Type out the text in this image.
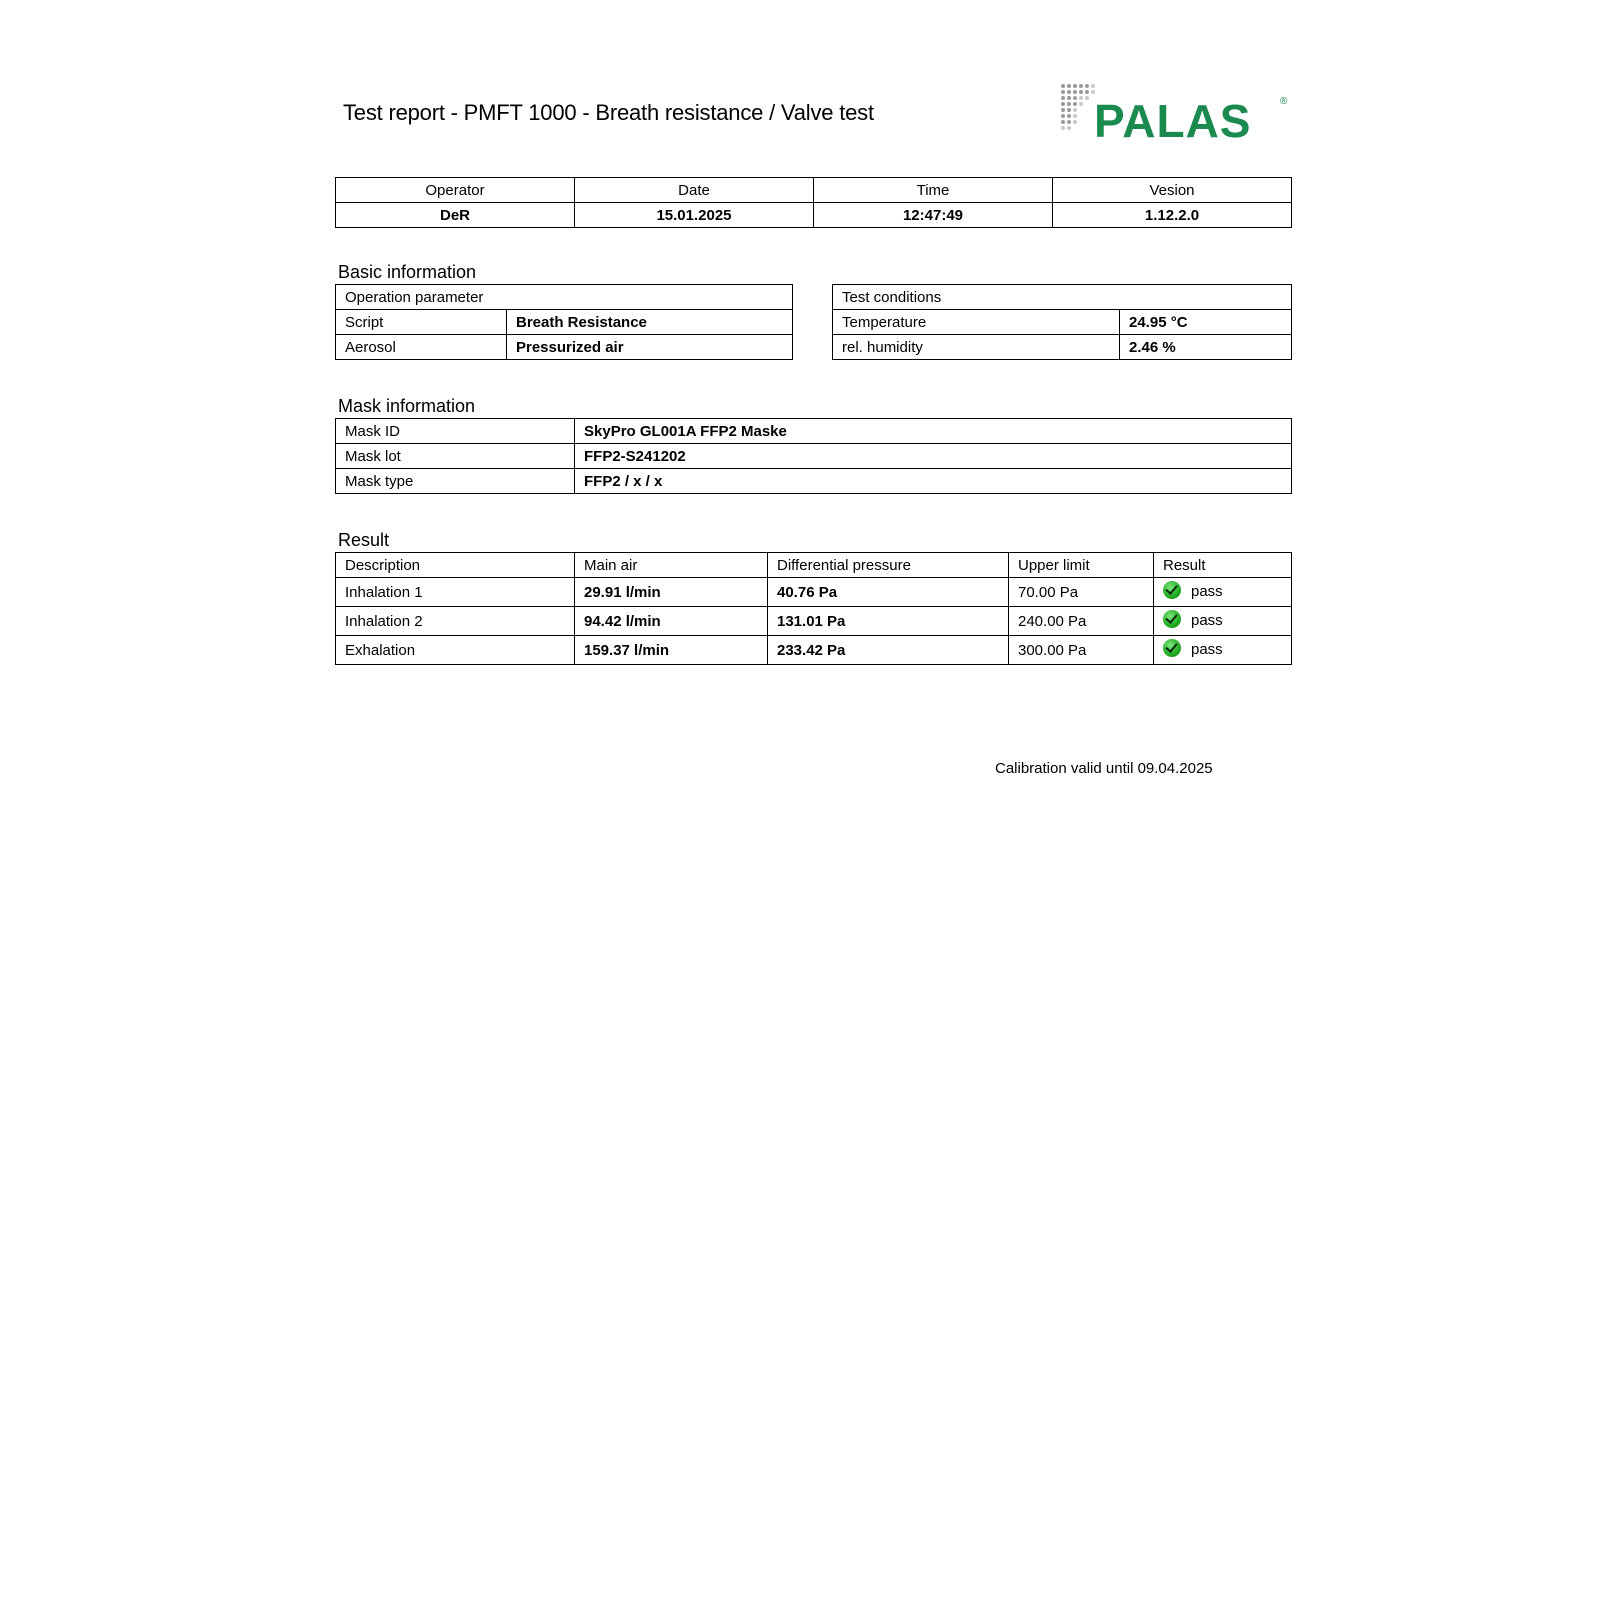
Test report - PMFT 1000 - Breath resistance / Valve test	PALAS	®
Operator	Date	Time	Vesion
DeR	15.01.2025	12:47:49	1.12.2.0
Basic information
Operation parameter	
Script	Breath Resistance
Aerosol	Pressurized air
Test conditions	
Temperature	24.95 °C
rel. humidity	2.46 %
Mask information
Mask ID	SkyPro GL001A FFP2 Maske
Mask lot	FFP2-S241202
Mask type	FFP2 / x / x
Result
Description	Main air	Differential pressure	Upper limit	Result
Inhalation 1	29.91 l/min	40.76 Pa	70.00 Pa	pass
Inhalation 2	94.42 l/min	131.01 Pa	240.00 Pa	pass
Exhalation	159.37 l/min	233.42 Pa	300.00 Pa	pass
Calibration valid until 09.04.2025
